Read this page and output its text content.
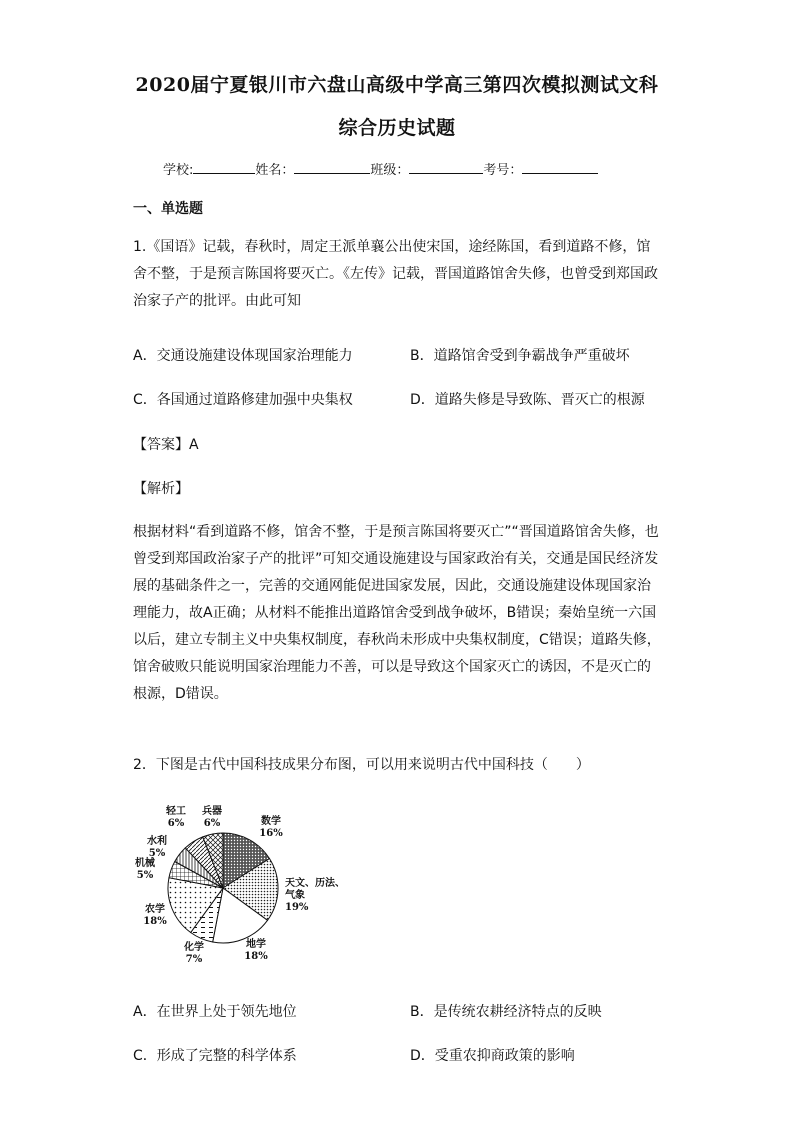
2020届宁夏银川市六盘山高级中学高三第四次模拟测试文科
综合历史试题
学校:	姓名：	班级：	考号：
一、单选题
1.《国语》记载，春秋时，周定王派单襄公出使宋国，途经陈国，看到道路不修，馆舍不整，于是预言陈国将要灭亡。《左传》记载，晋国道路馆舍失修，也曾受到郑国政治家子产的批评。由此可知
A．交通设施建设体现国家治理能力	B．道路馆舍受到争霸战争严重破坏
C．各国通过道路修建加强中央集权	D．道路失修是导致陈、晋灭亡的根源
【答案】A
【解析】
根据材料“看到道路不修，馆舍不整，于是预言陈国将要灭亡”“晋国道路馆舍失修，也曾受到郑国政治家子产的批评”可知交通设施建设与国家政治有关，交通是国民经济发展的基础条件之一，完善的交通网能促进国家发展，因此，交通设施建设体现国家治理能力，故A正确；从材料不能推出道路馆舍受到战争破坏，B错误；秦始皇统一六国以后，建立专制主义中央集权制度，春秋尚未形成中央集权制度，C错误；道路失修，馆舍破败只能说明国家治理能力不善，可以是导致这个国家灭亡的诱因，不是灭亡的根源，D错误。
2．下图是古代中国科技成果分布图，可以用来说明古代中国科技（　　）
数学
16%
天文、历法、
气象
19%
地学
18%
化学
7%
农学
18%
机械
5%
水利
5%
轻工
6%
兵器
6%
A．在世界上处于领先地位	B．是传统农耕经济特点的反映
C．形成了完整的科学体系	D．受重农抑商政策的影响
